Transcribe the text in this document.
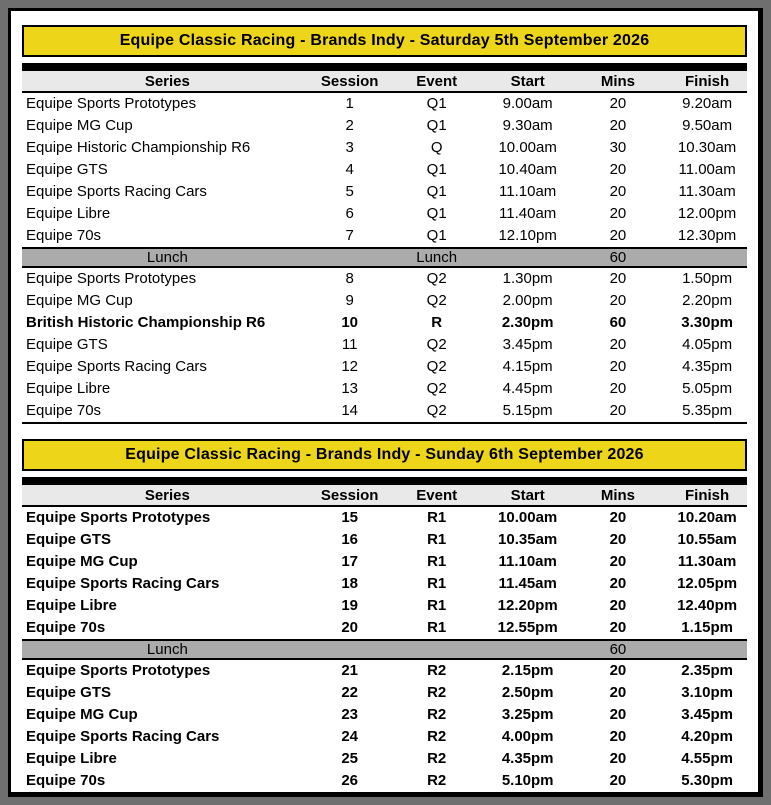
Equipe Classic Racing - Brands Indy - Saturday 5th September 2026
Series	Session	Event	Start	Mins	Finish
Equipe Sports Prototypes	1	Q1	9.00am	20	9.20am
Equipe MG Cup	2	Q1	9.30am	20	9.50am
Equipe Historic Championship R6	3	Q	10.00am	30	10.30am
Equipe GTS	4	Q1	10.40am	20	11.00am
Equipe Sports Racing Cars	5	Q1	11.10am	20	11.30am
Equipe Libre	6	Q1	11.40am	20	12.00pm
Equipe 70s	7	Q1	12.10pm	20	12.30pm
Lunch		Lunch		60	
Equipe Sports Prototypes	8	Q2	1.30pm	20	1.50pm
Equipe MG Cup	9	Q2	2.00pm	20	2.20pm
British Historic Championship R6	10	R	2.30pm	60	3.30pm
Equipe GTS	11	Q2	3.45pm	20	4.05pm
Equipe Sports Racing Cars	12	Q2	4.15pm	20	4.35pm
Equipe Libre	13	Q2	4.45pm	20	5.05pm
Equipe 70s	14	Q2	5.15pm	20	5.35pm
Equipe Classic Racing - Brands Indy - Sunday 6th September 2026
Series	Session	Event	Start	Mins	Finish
Equipe Sports Prototypes	15	R1	10.00am	20	10.20am
Equipe GTS	16	R1	10.35am	20	10.55am
Equipe MG Cup	17	R1	11.10am	20	11.30am
Equipe Sports Racing Cars	18	R1	11.45am	20	12.05pm
Equipe Libre	19	R1	12.20pm	20	12.40pm
Equipe 70s	20	R1	12.55pm	20	1.15pm
Lunch				60	
Equipe Sports Prototypes	21	R2	2.15pm	20	2.35pm
Equipe GTS	22	R2	2.50pm	20	3.10pm
Equipe MG Cup	23	R2	3.25pm	20	3.45pm
Equipe Sports Racing Cars	24	R2	4.00pm	20	4.20pm
Equipe Libre	25	R2	4.35pm	20	4.55pm
Equipe 70s	26	R2	5.10pm	20	5.30pm
